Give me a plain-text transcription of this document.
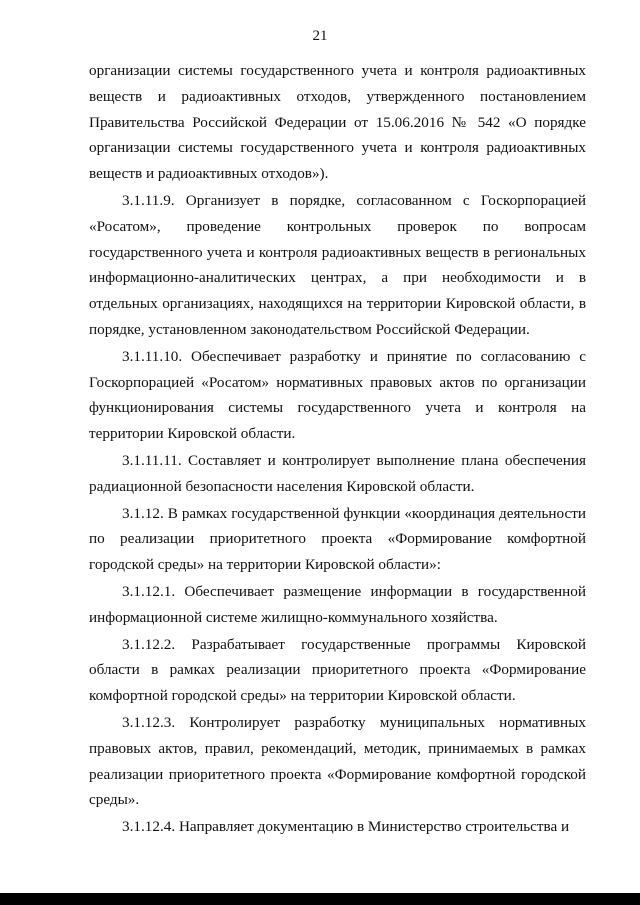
21

организации системы государственного учета и контроля радиоактивных веществ и радиоактивных отходов, утвержденного постановлением Правительства Российской Федерации от 15.06.2016 № 542 «О порядке организации системы государственного учета и контроля радиоактивных веществ и радиоактивных отходов»).

3.1.11.9. Организует в порядке, согласованном с Госкорпорацией «Росатом», проведение контрольных проверок по вопросам государственного учета и контроля радиоактивных веществ в региональных информационно-аналитических центрах, а при необходимости и в отдельных организациях, находящихся на территории Кировской области, в порядке, установленном законодательством Российской Федерации.

3.1.11.10. Обеспечивает разработку и принятие по согласованию с Госкорпорацией «Росатом» нормативных правовых актов по организации функционирования системы государственного учета и контроля на территории Кировской области.

3.1.11.11. Составляет и контролирует выполнение плана обеспечения радиационной безопасности населения Кировской области.

3.1.12. В рамках государственной функции «координация деятельности по реализации приоритетного проекта «Формирование комфортной городской среды» на территории Кировской области»:

3.1.12.1. Обеспечивает размещение информации в государственной информационной системе жилищно-коммунального хозяйства.

3.1.12.2. Разрабатывает государственные программы Кировской области в рамках реализации приоритетного проекта «Формирование комфортной городской среды» на территории Кировской области.

3.1.12.3. Контролирует разработку муниципальных нормативных правовых актов, правил, рекомендаций, методик, принимаемых в рамках реализации приоритетного проекта «Формирование комфортной городской среды».

3.1.12.4. Направляет документацию в Министерство строительства и
